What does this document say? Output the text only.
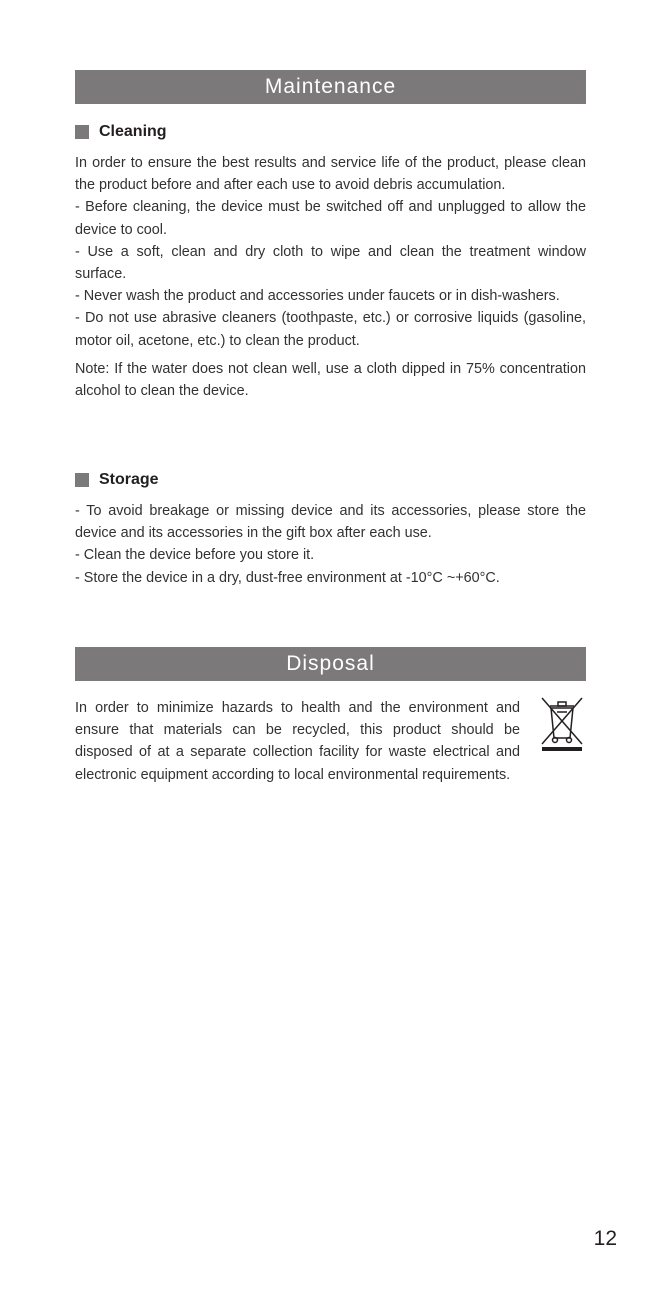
Maintenance
Cleaning

In order to ensure the best results and service life of the product, please clean the product before and after each use to avoid debris accumulation.

- Before cleaning, the device must be switched off and unplugged to allow the device to cool.

- Use a soft, clean and dry cloth to wipe and clean the treatment window surface.

- Never wash the product and accessories under faucets or in dish-washers.

- Do not use abrasive cleaners (toothpaste, etc.) or corrosive liquids (gasoline, motor oil, acetone, etc.) to clean the product.

Note: If the water does not clean well, use a cloth dipped in 75% concentration alcohol to clean the device.

Storage

- To avoid breakage or missing device and its accessories, please store the device and its accessories in the gift box after each use.

- Clean the device before you store it.

- Store the device in a dry, dust-free environment at -10°C ~+60°C.

Disposal

In order to minimize hazards to health and the environment and ensure that materials can be recycled, this product should be disposed of at a separate collection facility for waste electrical and electronic equipment according to local environmental requirements.

12
